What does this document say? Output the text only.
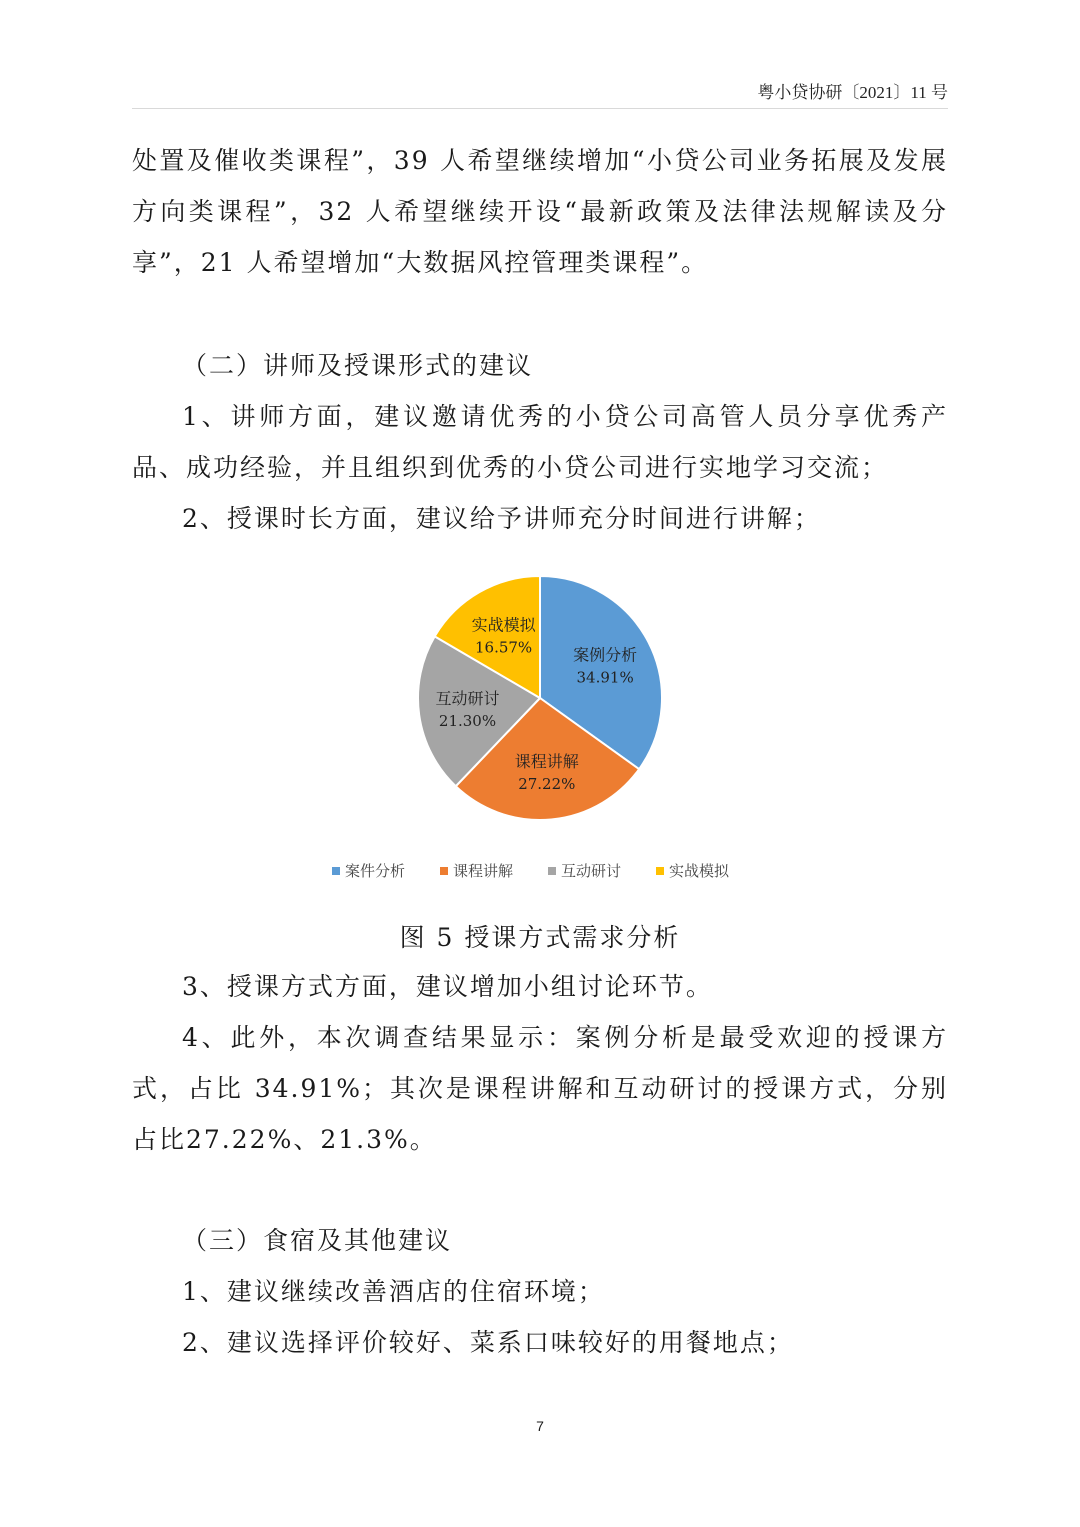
粤小贷协研〔2021〕11 号

处置及催收类课程”，39 人希望继续增加“小贷公司业务拓展及发展方向类课程”，32 人希望继续开设“最新政策及法律法规解读及分享”，21 人希望增加“大数据风控管理类课程”。

（二）讲师及授课形式的建议

1、讲师方面，建议邀请优秀的小贷公司高管人员分享优秀产品、成功经验，并且组织到优秀的小贷公司进行实地学习交流；

2、授课时长方面，建议给予讲师充分时间进行讲解；

案例分析
34.91%
课程讲解
27.22%
互动研讨
21.30%
实战模拟
16.57%
案件分析	课程讲解	互动研讨	实战模拟
图 5 授课方式需求分析

3、授课方式方面，建议增加小组讨论环节。

4、此外，本次调查结果显示：案例分析是最受欢迎的授课方式，占比 34.91%；其次是课程讲解和互动研讨的授课方式，分别占比27.22%、21.3%。

（三）食宿及其他建议

1、建议继续改善酒店的住宿环境；

2、建议选择评价较好、菜系口味较好的用餐地点；

7
